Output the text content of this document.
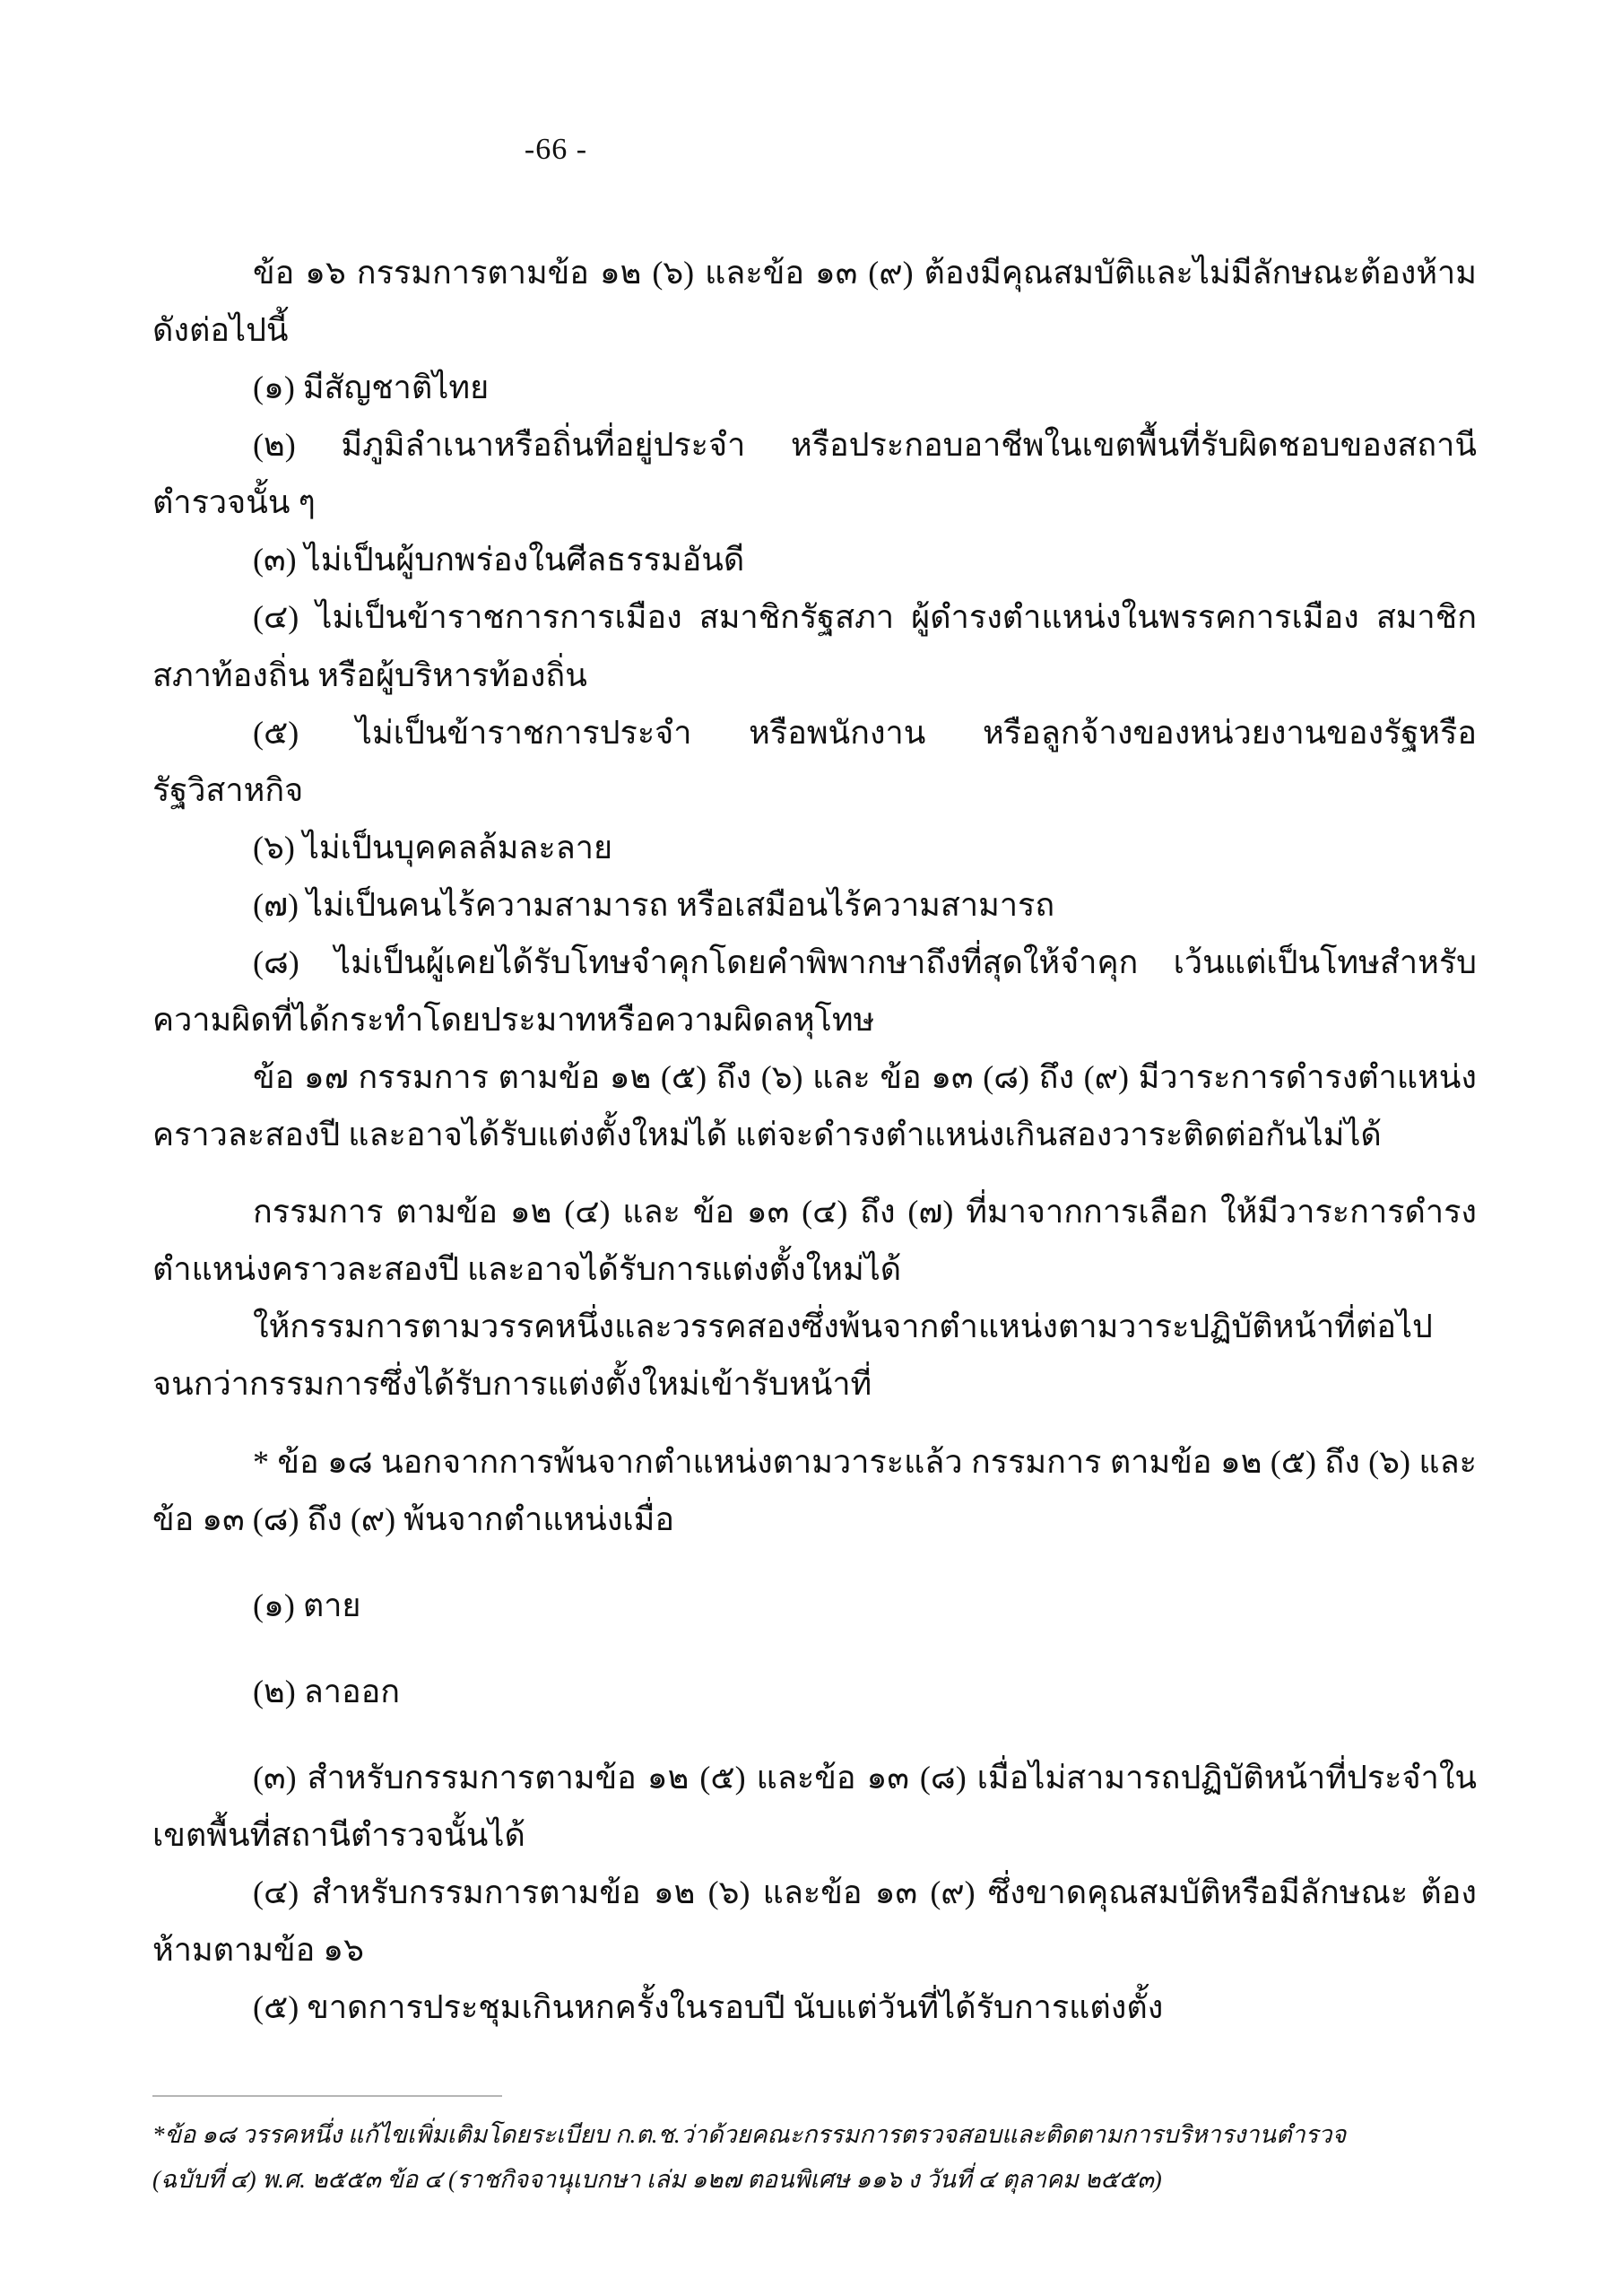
-66 -

ข้อ ๑๖ กรรมการตามข้อ ๑๒ (๖) และข้อ ๑๓ (๙) ต้องมีคุณสมบัติและไม่มีลักษณะต้องห้าม ดังต่อไปนี้

(๑) มีสัญชาติไทย

(๒) มีภูมิลำเนาหรือถิ่นที่อยู่ประจำ หรือประกอบอาชีพในเขตพื้นที่รับผิดชอบของสถานี ตำรวจนั้น ๆ

(๓) ไม่เป็นผู้บกพร่องในศีลธรรมอันดี

(๔) ไม่เป็นข้าราชการการเมือง สมาชิกรัฐสภา ผู้ดำรงตำแหน่งในพรรคการเมือง สมาชิก สภาท้องถิ่น หรือผู้บริหารท้องถิ่น

(๕) ไม่เป็นข้าราชการประจำ หรือพนักงาน หรือลูกจ้างของหน่วยงานของรัฐหรือรัฐวิสาหกิจ

(๖) ไม่เป็นบุคคลล้มละลาย

(๗) ไม่เป็นคนไร้ความสามารถ หรือเสมือนไร้ความสามารถ

(๘) ไม่เป็นผู้เคยได้รับโทษจำคุกโดยคำพิพากษาถึงที่สุดให้จำคุก เว้นแต่เป็นโทษสำหรับ ความผิดที่ได้กระทำโดยประมาทหรือความผิดลหุโทษ

ข้อ ๑๗ กรรมการ ตามข้อ ๑๒ (๕) ถึง (๖) และ ข้อ ๑๓ (๘) ถึง (๙) มีวาระการดำรงตำแหน่ง คราวละสองปี และอาจได้รับแต่งตั้งใหม่ได้ แต่จะดำรงตำแหน่งเกินสองวาระติดต่อกันไม่ได้

กรรมการ ตามข้อ ๑๒ (๔) และ ข้อ ๑๓ (๔) ถึง (๗) ที่มาจากการเลือก ให้มีวาระการดำรง ตำแหน่งคราวละสองปี และอาจได้รับการแต่งตั้งใหม่ได้

ให้กรรมการตามวรรคหนึ่งและวรรคสองซึ่งพ้นจากตำแหน่งตามวาระปฏิบัติหน้าที่ต่อไป จนกว่ากรรมการซึ่งได้รับการแต่งตั้งใหม่เข้ารับหน้าที่

* ข้อ ๑๘ นอกจากการพ้นจากตำแหน่งตามวาระแล้ว กรรมการ ตามข้อ ๑๒ (๕) ถึง (๖) และ ข้อ ๑๓ (๘) ถึง (๙) พ้นจากตำแหน่งเมื่อ

(๑) ตาย

(๒) ลาออก

(๓) สำหรับกรรมการตามข้อ ๑๒ (๕) และข้อ ๑๓ (๘) เมื่อไม่สามารถปฏิบัติหน้าที่ประจำใน เขตพื้นที่สถานีตำรวจนั้นได้

(๔) สำหรับกรรมการตามข้อ ๑๒ (๖) และข้อ ๑๓ (๙) ซึ่งขาดคุณสมบัติหรือมีลักษณะ ต้องห้ามตามข้อ ๑๖

(๕) ขาดการประชุมเกินหกครั้งในรอบปี นับแต่วันที่ได้รับการแต่งตั้ง

*ข้อ ๑๘ วรรคหนึ่ง แก้ไขเพิ่มเติมโดยระเบียบ ก.ต.ช.ว่าด้วยคณะกรรมการตรวจสอบและติดตามการบริหารงานตำรวจ
(ฉบับที่ ๔) พ.ศ. ๒๕๕๓ ข้อ ๔ (ราชกิจจานุเบกษา เล่ม ๑๒๗ ตอนพิเศษ ๑๑๖ ง วันที่ ๔ ตุลาคม ๒๕๕๓)
